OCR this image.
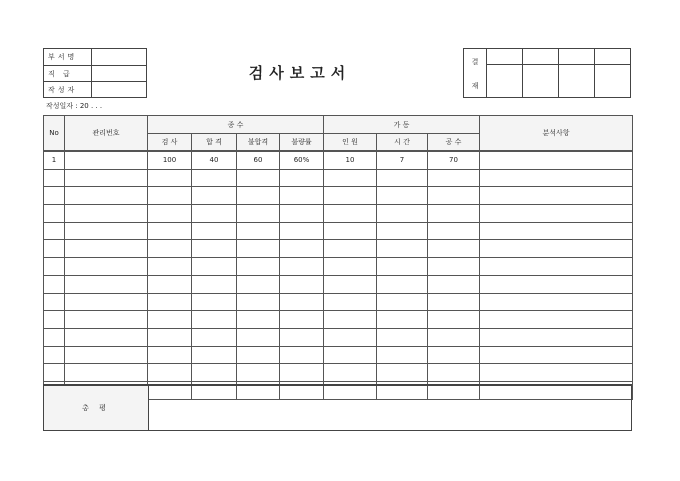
부서명
직 급
작성자
검사보고서
작성일자 : 20 . . .
결
재
No	관리번호	종 수				가 동			분석사항
		검 사	합 격	불합격	불량률	인 원	시 간	공 수	
1		100	40	60	60%	10	7	70	

총 평
